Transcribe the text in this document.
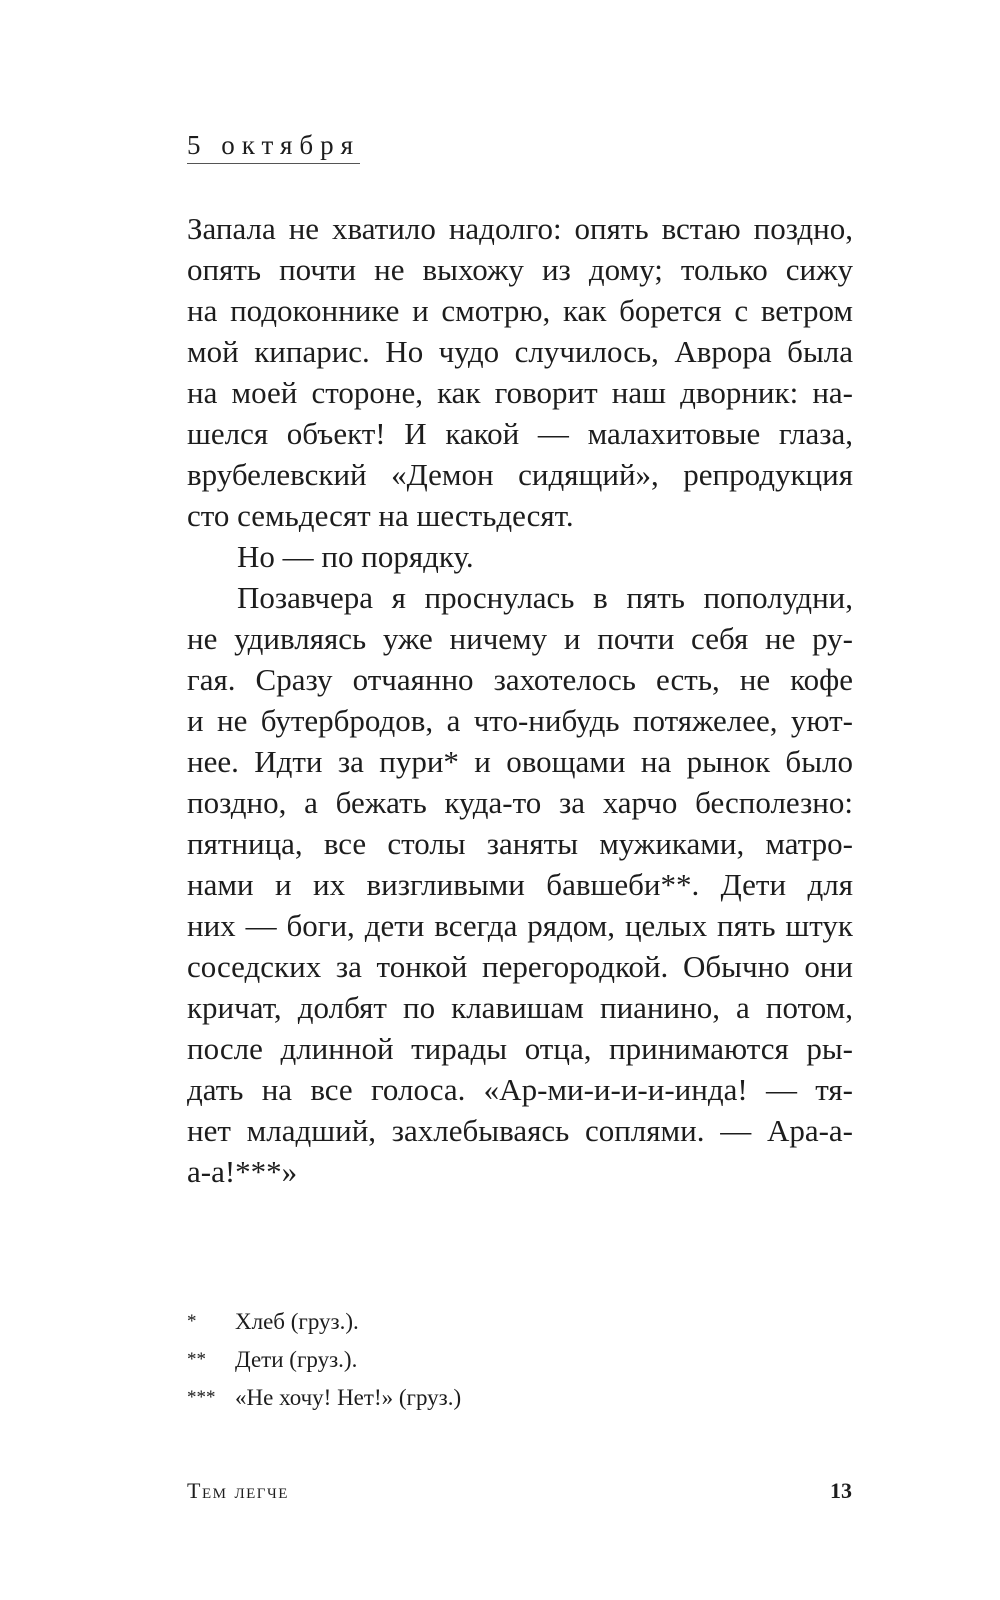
5 октября
Запала не хватило надолго: опять встаю поздно,
опять почти не выхожу из дому; только сижу
на подоконнике и смотрю, как борется с ветром
мой кипарис. Но чудо случилось, Аврора была
на моей стороне, как говорит наш дворник: на-
шелся объект! И какой — малахитовые глаза,
врубелевский «Демон сидящий», репродукция
сто семьдесят на шестьдесят.
Но — по порядку.
Позавчера я проснулась в пять пополудни,
не удивляясь уже ничему и почти себя не ру-
гая. Сразу отчаянно захотелось есть, не кофе
и не бутербродов, а что-нибудь потяжелее, уют-
нее. Идти за пури* и овощами на рынок было
поздно, а бежать куда-то за харчо бесполезно:
пятница, все столы заняты мужиками, матро-
нами и их визгливыми бавшеби**. Дети для
них — боги, дети всегда рядом, целых пять штук
соседских за тонкой перегородкой. Обычно они
кричат, долбят по клавишам пианино, а потом,
после длинной тирады отца, принимаются ры-
дать на все голоса. «Ар-ми-и-и-и-инда! — тя-
нет младший, захлебываясь соплями. — Ара-а-
а-а!***»
* Хлеб (груз.).
** Дети (груз.).
*** «Не хочу! Нет!» (груз.)
Тем легче	13
